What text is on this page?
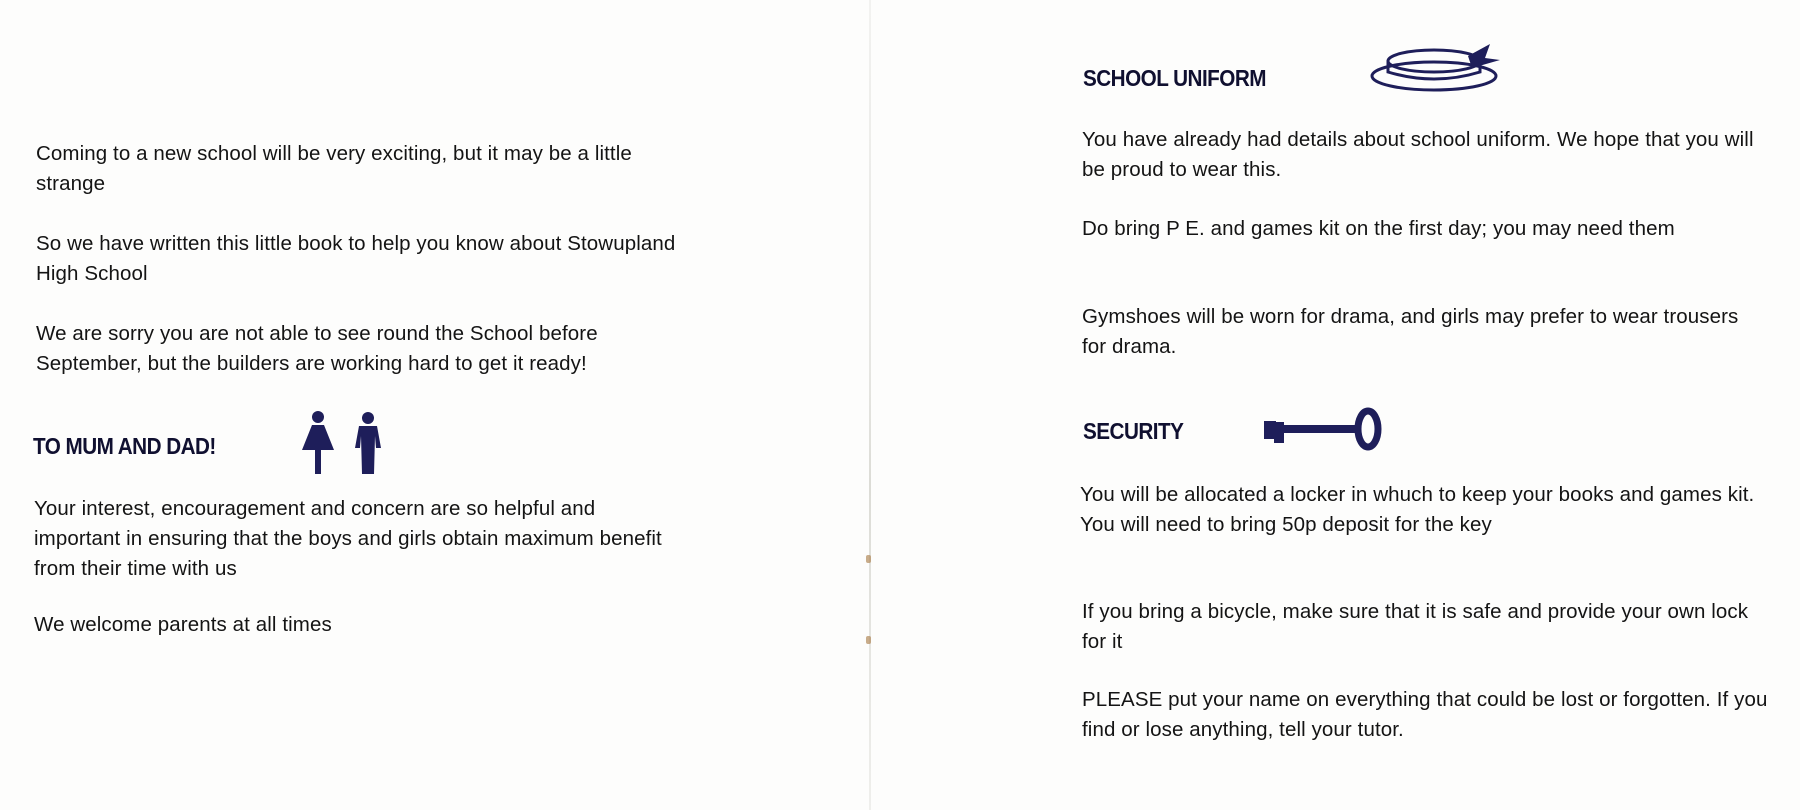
Coming to a new school will be very exciting, but it may be a little strange

So we have written this little book to help you know about Stowupland High School

We are sorry you are not able to see round the School before September, but the builders are working hard to get it ready!

TO MUM AND DAD!

Your interest, encouragement and concern are so helpful and important in ensuring that the boys and girls obtain maximum benefit from their time with us

We welcome parents at all times

SCHOOL UNIFORM

You have already had details about school uniform. We hope that you will be proud to wear this.

Do bring P E. and games kit on the first day; you may need them

Gymshoes will be worn for drama, and girls may prefer to wear trousers for drama.

SECURITY

You will be allocated a locker in whuch to keep your books and games kit. You will need to bring 50p deposit for the key

If you bring a bicycle, make sure that it is safe and provide your own lock for it

PLEASE put your name on everything that could be lost or forgotten. If you find or lose anything, tell your tutor.
